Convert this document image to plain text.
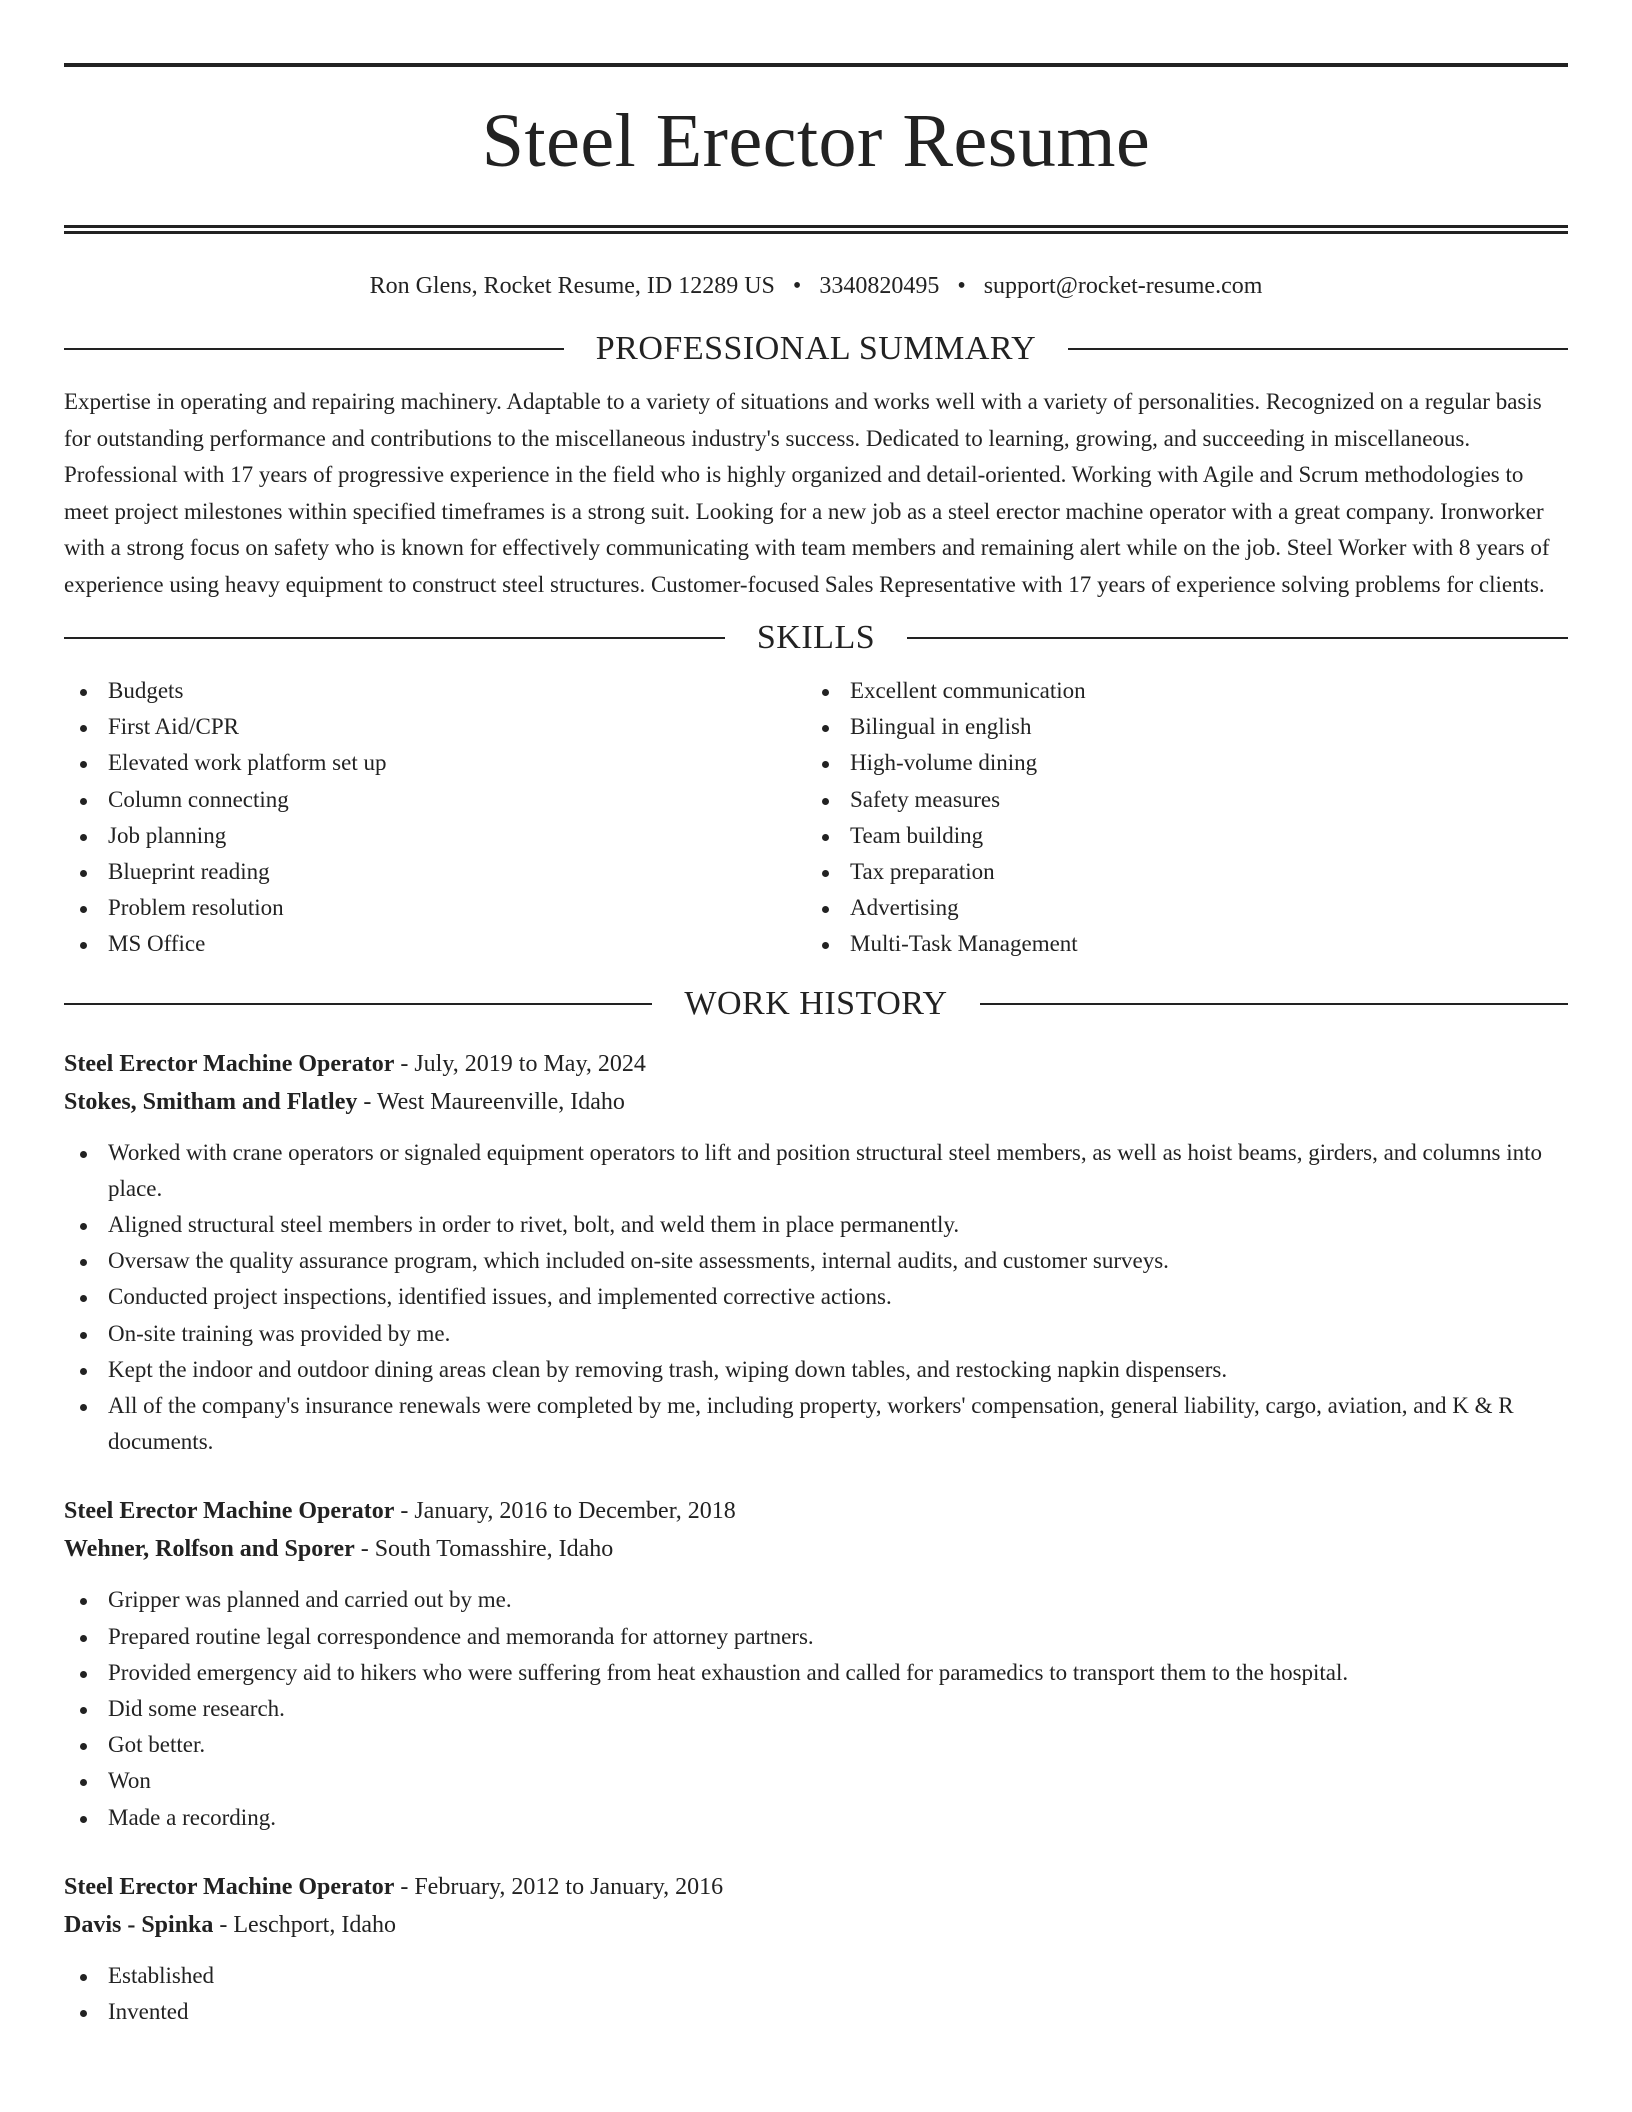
Steel Erector Resume
Ron Glens, Rocket Resume, ID 12289 US • 3340820495 • support@rocket-resume.com
PROFESSIONAL SUMMARY

Expertise in operating and repairing machinery. Adaptable to a variety of situations and works well with a variety of personalities. Recognized on a regular basis for outstanding performance and contributions to the miscellaneous industry's success. Dedicated to learning, growing, and succeeding in miscellaneous. Professional with 17 years of progressive experience in the field who is highly organized and detail-oriented. Working with Agile and Scrum methodologies to meet project milestones within specified timeframes is a strong suit. Looking for a new job as a steel erector machine operator with a great company. Ironworker with a strong focus on safety who is known for effectively communicating with team members and remaining alert while on the job. Steel Worker with 8 years of experience using heavy equipment to construct steel structures. Customer-focused Sales Representative with 17 years of experience solving problems for clients.

SKILLS
Budgets
First Aid/CPR
Elevated work platform set up
Column connecting
Job planning
Blueprint reading
Problem resolution
MS Office
Excellent communication
Bilingual in english
High-volume dining
Safety measures
Team building
Tax preparation
Advertising
Multi-Task Management
WORK HISTORY
Steel Erector Machine Operator - July, 2019 to May, 2024
Stokes, Smitham and Flatley - West Maureenville, Idaho
Worked with crane operators or signaled equipment operators to lift and position structural steel members, as well as hoist beams, girders, and columns into place.
Aligned structural steel members in order to rivet, bolt, and weld them in place permanently.
Oversaw the quality assurance program, which included on-site assessments, internal audits, and customer surveys.
Conducted project inspections, identified issues, and implemented corrective actions.
On-site training was provided by me.
Kept the indoor and outdoor dining areas clean by removing trash, wiping down tables, and restocking napkin dispensers.
All of the company's insurance renewals were completed by me, including property, workers' compensation, general liability, cargo, aviation, and K & R documents.
Steel Erector Machine Operator - January, 2016 to December, 2018
Wehner, Rolfson and Sporer - South Tomasshire, Idaho
Gripper was planned and carried out by me.
Prepared routine legal correspondence and memoranda for attorney partners.
Provided emergency aid to hikers who were suffering from heat exhaustion and called for paramedics to transport them to the hospital.
Did some research.
Got better.
Won
Made a recording.
Steel Erector Machine Operator - February, 2012 to January, 2016
Davis - Spinka - Leschport, Idaho
Established
Invented
